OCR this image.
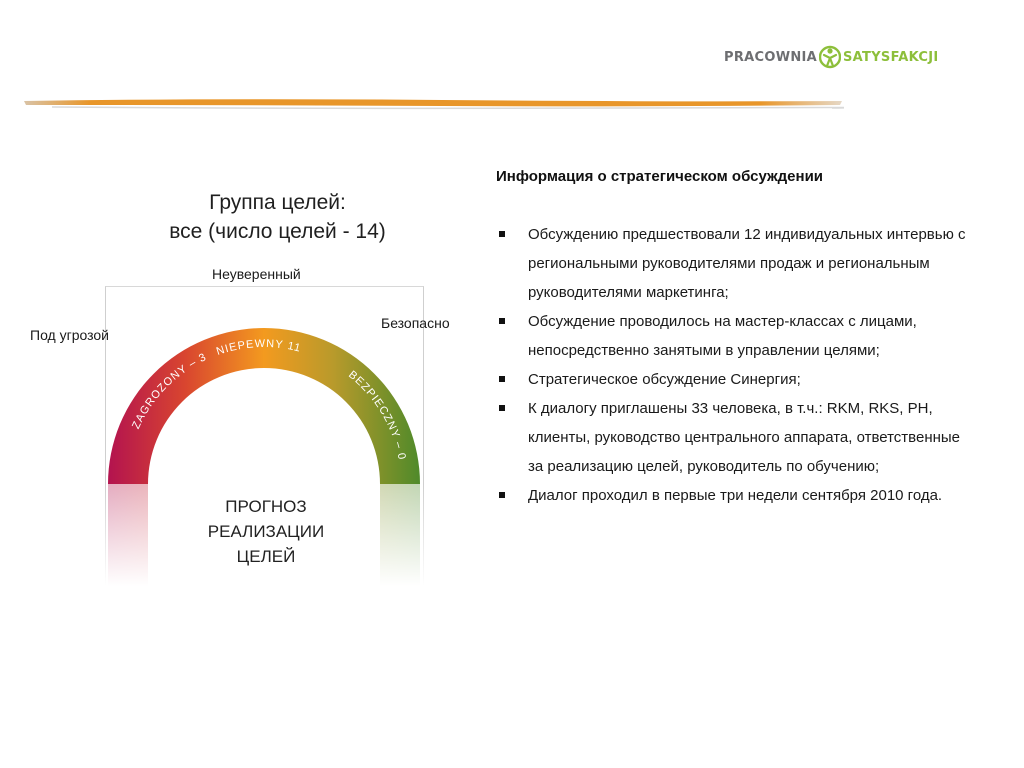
PRACOWNIA SATYSFAKCJI
Группа целей:
все (число целей - 14)
ZAGROZONY – 3
NIEPEWNY 11
BEZPIECZNY – 0
Неуверенный
Под угрозой
Безопасно
ПРОГНОЗ
РЕАЛИЗАЦИИ
ЦЕЛЕЙ
Информация о стратегическом обсуждении
Обсуждению предшествовали 12 индивидуальных интервью с региональными руководителями продаж и региональным руководителями маркетинга;
Обсуждение проводилось на мастер-классах с лицами, непосредственно занятыми в управлении целями;
Стратегическое обсуждение Синергия;
К диалогу приглашены 33 человека, в т.ч.: RKM, RKS, PH, клиенты, руководство центрального аппарата, ответственные за реализацию целей, руководитель по обучению;
Диалог проходил в первые три недели сентября 2010 года.
